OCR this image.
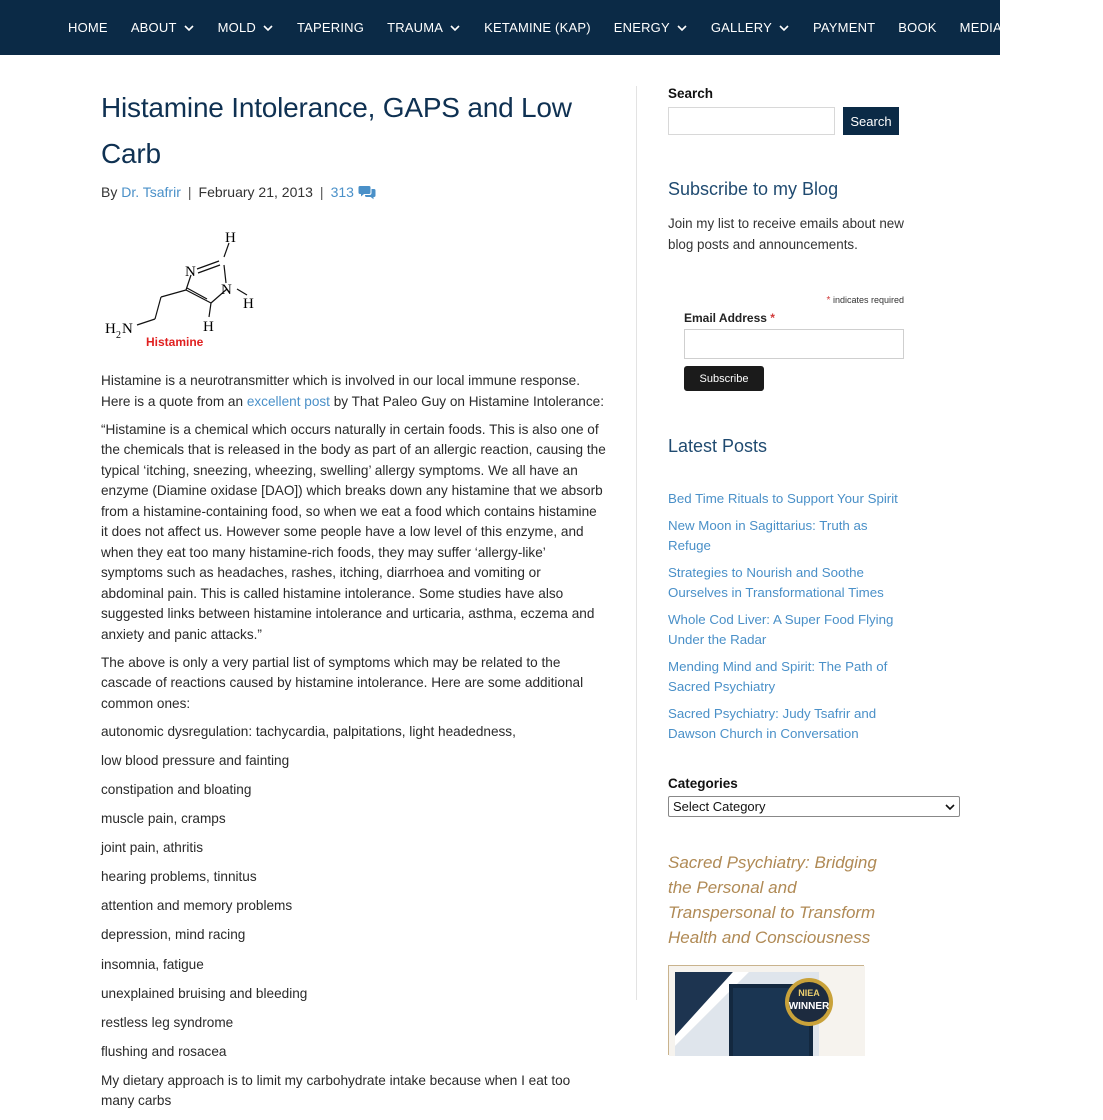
HOME ABOUT	MOLD	TAPERING TRAUMA	KETAMINE (KAP) ENERGY	GALLERY	PAYMENT BOOK MEDIA	BLOG
Histamine Intolerance, GAPS and Low Carb
By
Dr. Tsafrir | February 21, 2013 | 313
H
N
N
H
H
H 2 N
Histamine

Histamine is a neurotransmitter which is involved in our local immune response. Here is a quote from an excellent post by That Paleo Guy on Histamine Intolerance:

“Histamine is a chemical which occurs naturally in certain foods. This is also one of the chemicals that is released in the body as part of an allergic reaction, causing the typical ‘itching, sneezing, wheezing, swelling’ allergy symptoms. We all have an enzyme (Diamine oxidase [DAO]) which breaks down any histamine that we absorb from a histamine-containing food, so when we eat a food which contains histamine it does not affect us. However some people have a low level of this enzyme, and when they eat too many histamine-rich foods, they may suffer ‘allergy-like’ symptoms such as headaches, rashes, itching, diarrhoea and vomiting or abdominal pain. This is called histamine intolerance. Some studies have also suggested links between histamine intolerance and urticaria, asthma, eczema and anxiety and panic attacks.”

The above is only a very partial list of symptoms which may be related to the cascade of reactions caused by histamine intolerance. Here are some additional common ones:

autonomic dysregulation: tachycardia, palpitations, light headedness,

low blood pressure and fainting

constipation and bloating

muscle pain, cramps

joint pain, athritis

hearing problems, tinnitus

attention and memory problems

depression, mind racing

insomnia, fatigue

unexplained bruising and bleeding

restless leg syndrome

flushing and rosacea

My dietary approach is to limit my carbohydrate intake because when I eat too many carbs

Search
Search
Subscribe to my Blog
Join my list to receive emails about new blog posts and announcements.
* indicates required
Email Address *
Subscribe
Latest Posts
Bed Time Rituals to Support Your Spirit
New Moon in Sagittarius: Truth as Refuge
Strategies to Nourish and Soothe Ourselves in Transformational Times
Whole Cod Liver: A Super Food Flying Under the Radar
Mending Mind and Spirit: The Path of Sacred Psychiatry
Sacred Psychiatry: Judy Tsafrir and Dawson Church in Conversation
Categories
Select Category
Sacred Psychiatry: Bridging the Personal and Transpersonal to Transform Health and Consciousness
NIEA
WINNER
